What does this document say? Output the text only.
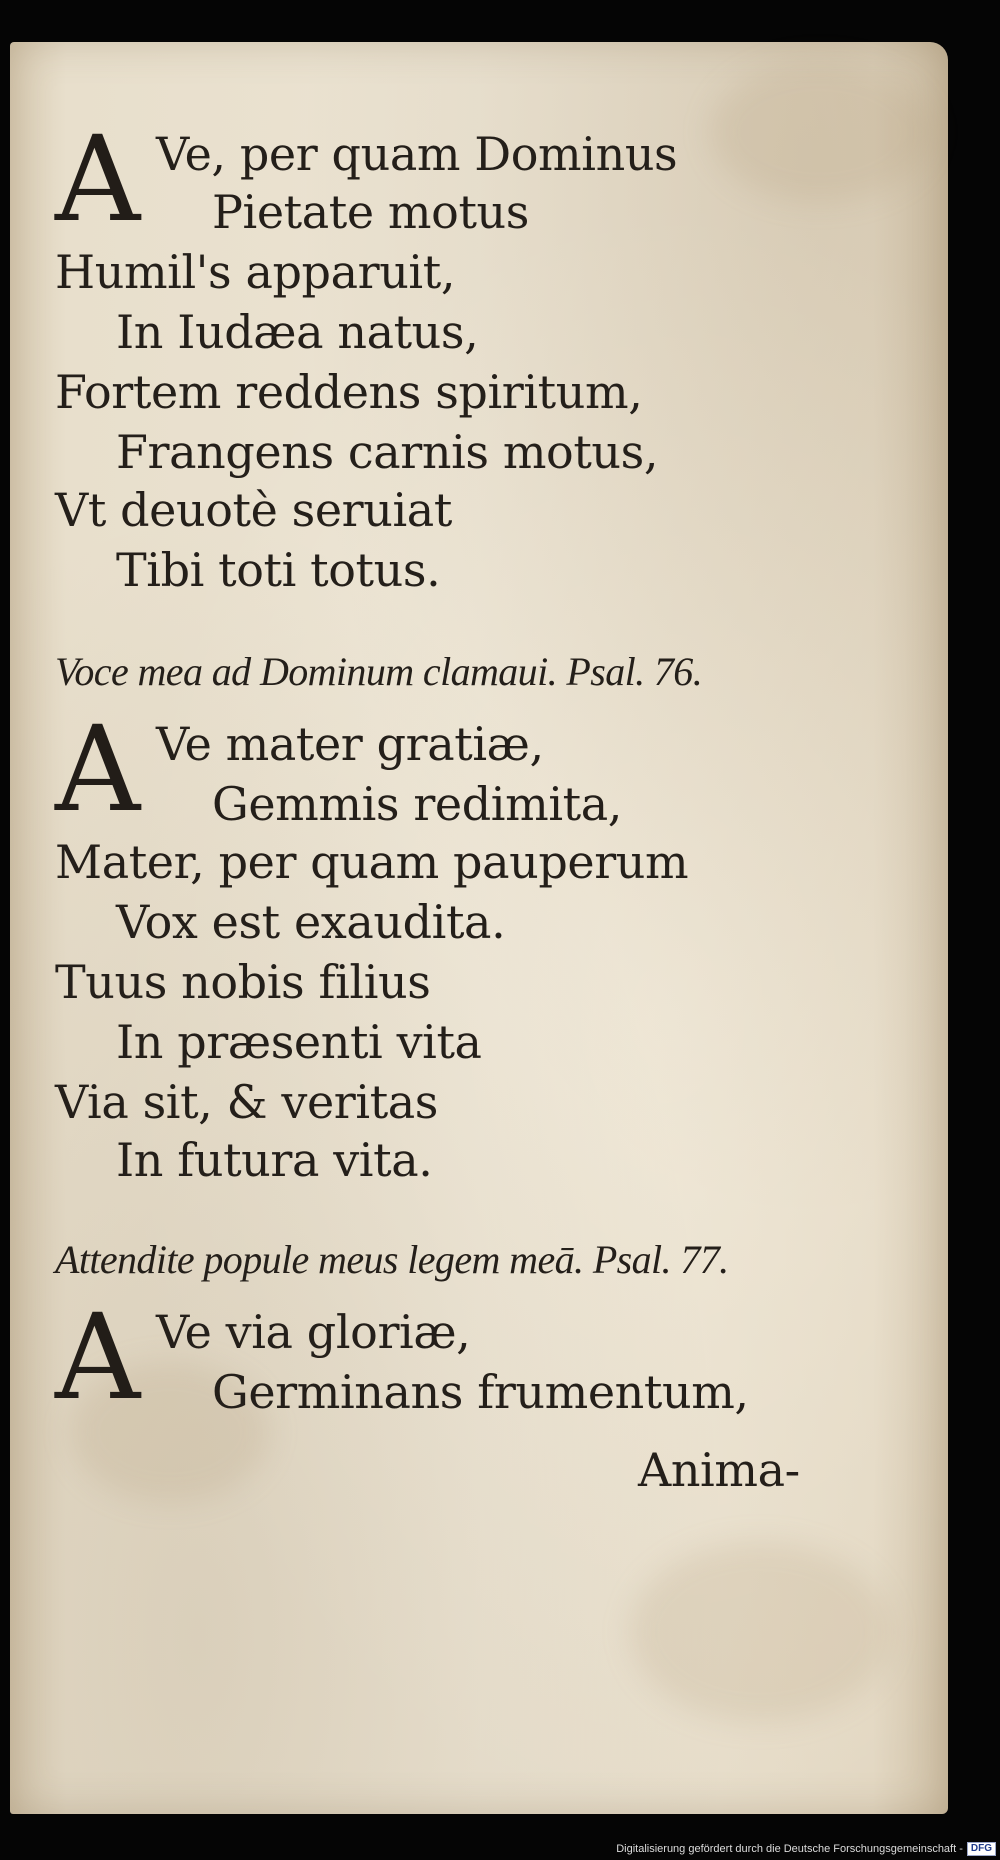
A Ve, per quam Dominus
Pietate motus
Humil's apparuit,
In Iudæa natus,
Fortem reddens spiritum,
Frangens carnis motus,
Vt deuotè seruiat
Tibi toti totus.
Voce mea ad Dominum clamaui. Psal. 76.
A Ve mater gratiæ,
Gemmis redimita,
Mater, per quam pauperum
Vox est exaudita.
Tuus nobis filius
In præsenti vita
Via sit, & veritas
In futura vita.
Attendite popule meus legem meā. Psal. 77.
A Ve via gloriæ,
Germinans frumentum,
Anima-
Digitalisierung gefördert durch die Deutsche Forschungsgemeinschaft - DFG
